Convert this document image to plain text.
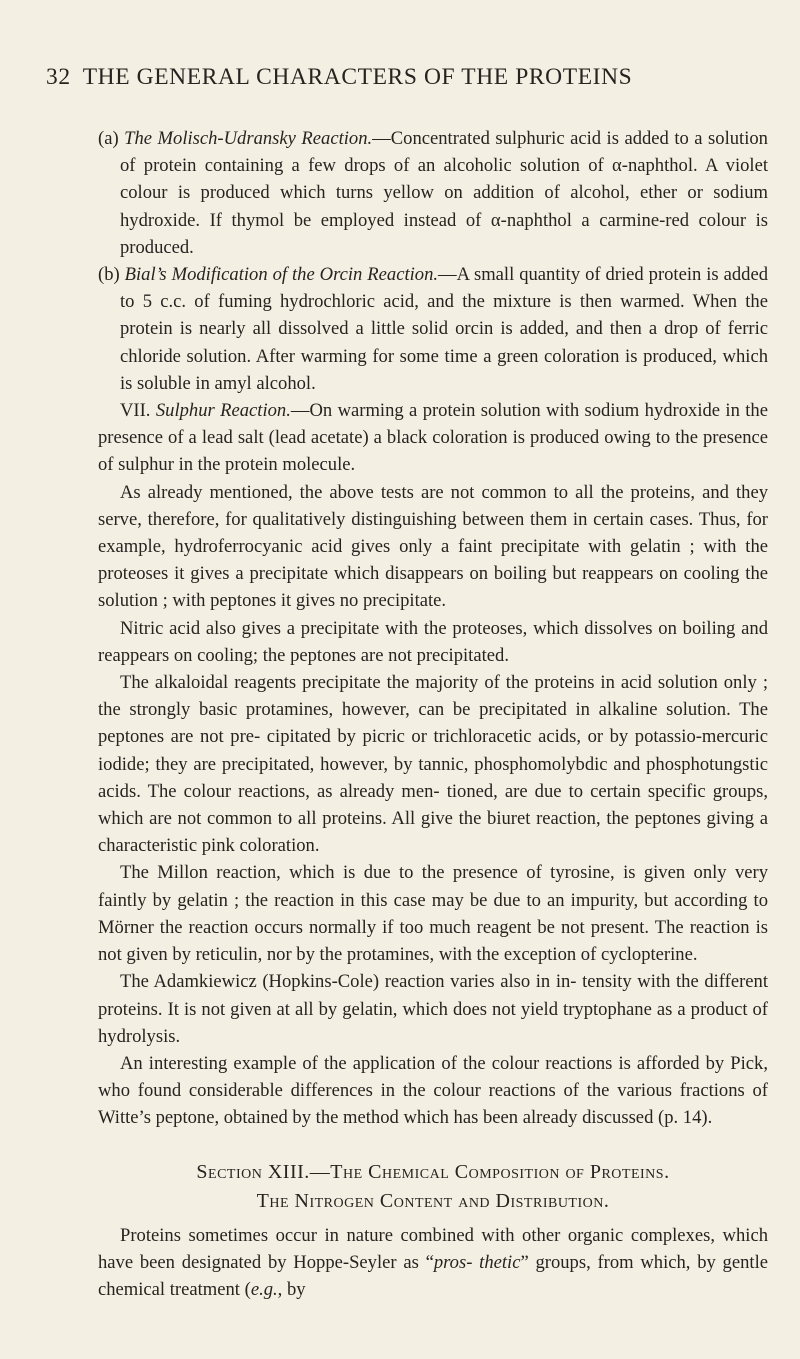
32 THE GENERAL CHARACTERS OF THE PROTEINS

(a) The Molisch-Udransky Reaction.—Concentrated sulphuric acid is added to a solution of protein containing a few drops of an alcoholic solution of α-naphthol. A violet colour is produced which turns yellow on addition of alcohol, ether or sodium hydroxide. If thymol be employed instead of α-naphthol a carmine-red colour is produced.

(b) Bial’s Modification of the Orcin Reaction.—A small quantity of dried protein is added to 5 c.c. of fuming hydrochloric acid, and the mixture is then warmed. When the protein is nearly all dissolved a little solid orcin is added, and then a drop of ferric chloride solution. After warming for some time a green coloration is produced, which is soluble in amyl alcohol.

VII. Sulphur Reaction.—On warming a protein solution with sodium hydroxide in the presence of a lead salt (lead acetate) a black coloration is produced owing to the presence of sulphur in the protein molecule.

As already mentioned, the above tests are not common to all the proteins, and they serve, therefore, for qualitatively distinguishing between them in certain cases. Thus, for example, hydroferrocyanic acid gives only a faint precipitate with gelatin ; with the proteoses it gives a precipitate which disappears on boiling but reappears on cooling the solution ; with peptones it gives no precipitate.

Nitric acid also gives a precipitate with the proteoses, which dissolves on boiling and reappears on cooling; the peptones are not precipitated.

The alkaloidal reagents precipitate the majority of the proteins in acid solution only ; the strongly basic protamines, however, can be precipitated in alkaline solution. The peptones are not pre- cipitated by picric or trichloracetic acids, or by potassio-mercuric iodide; they are precipitated, however, by tannic, phosphomolybdic and phosphotungstic acids. The colour reactions, as already men- tioned, are due to certain specific groups, which are not common to all proteins. All give the biuret reaction, the peptones giving a characteristic pink coloration.

The Millon reaction, which is due to the presence of tyrosine, is given only very faintly by gelatin ; the reaction in this case may be due to an impurity, but according to Mörner the reaction occurs normally if too much reagent be not present. The reaction is not given by reticulin, nor by the protamines, with the exception of cyclopterine.

The Adamkiewicz (Hopkins-Cole) reaction varies also in in- tensity with the different proteins. It is not given at all by gelatin, which does not yield tryptophane as a product of hydrolysis.

An interesting example of the application of the colour reactions is afforded by Pick, who found considerable differences in the colour reactions of the various fractions of Witte’s peptone, obtained by the method which has been already discussed (p. 14).

Section XIII.—The Chemical Composition of Proteins.

The Nitrogen Content and Distribution.

Proteins sometimes occur in nature combined with other organic complexes, which have been designated by Hoppe-Seyler as “pros- thetic” groups, from which, by gentle chemical treatment (e.g., by
